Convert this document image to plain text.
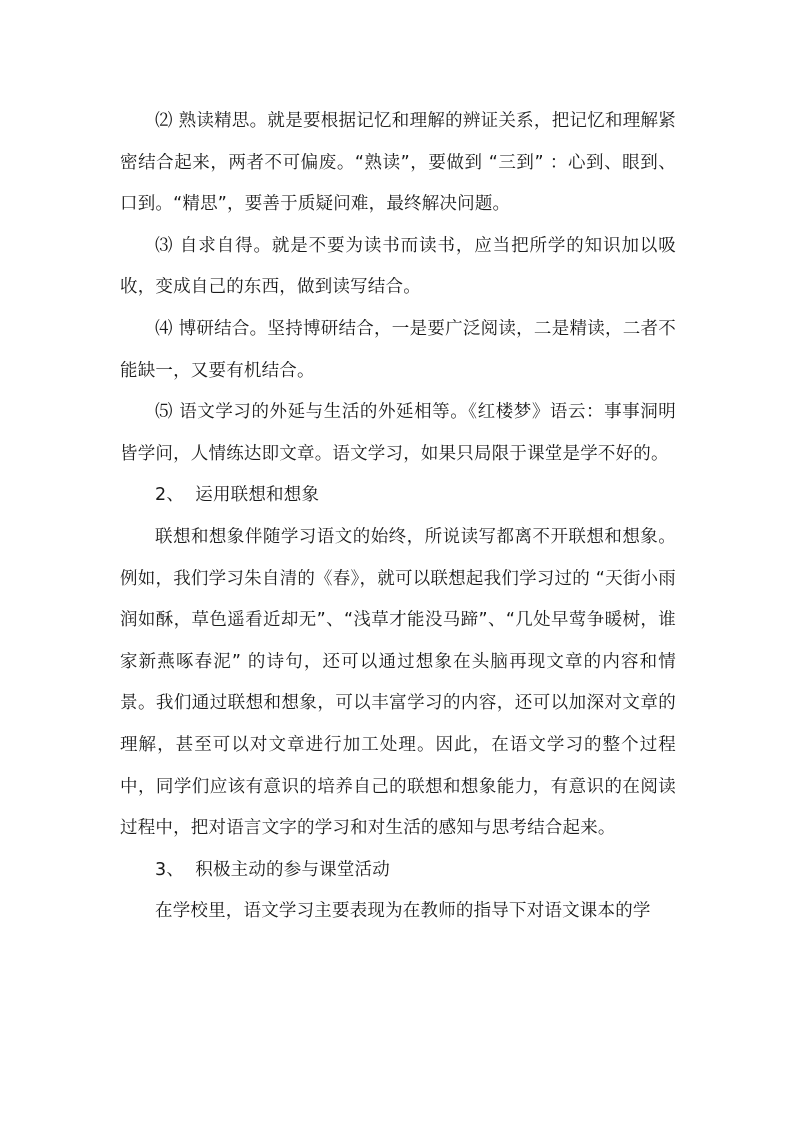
⑵ 熟读精思。就是要根据记忆和理解的辨证关系，把记忆和理解紧密结合起来，两者不可偏废。“熟读”，要做到 “三到” ：心到、眼到、口到。“精思”，要善于质疑问难，最终解决问题。

⑶ 自求自得。就是不要为读书而读书，应当把所学的知识加以吸收，变成自己的东西，做到读写结合。

⑷ 博研结合。坚持博研结合，一是要广泛阅读，二是精读，二者不能缺一，又要有机结合。

⑸ 语文学习的外延与生活的外延相等。《红楼梦》语云：事事洞明皆学问，人情练达即文章。语文学习，如果只局限于课堂是学不好的。

2、 运用联想和想象

联想和想象伴随学习语文的始终，所说读写都离不开联想和想象。例如，我们学习朱自清的《春》，就可以联想起我们学习过的 “天街小雨润如酥，草色遥看近却无”、“浅草才能没马蹄”、“几处早莺争暖树，谁家新燕啄春泥” 的诗句，还可以通过想象在头脑再现文章的内容和情景。我们通过联想和想象，可以丰富学习的内容，还可以加深对文章的理解，甚至可以对文章进行加工处理。因此，在语文学习的整个过程中，同学们应该有意识的培养自己的联想和想象能力，有意识的在阅读过程中，把对语言文字的学习和对生活的感知与思考结合起来。

3、 积极主动的参与课堂活动

在学校里，语文学习主要表现为在教师的指导下对语文课本的学
